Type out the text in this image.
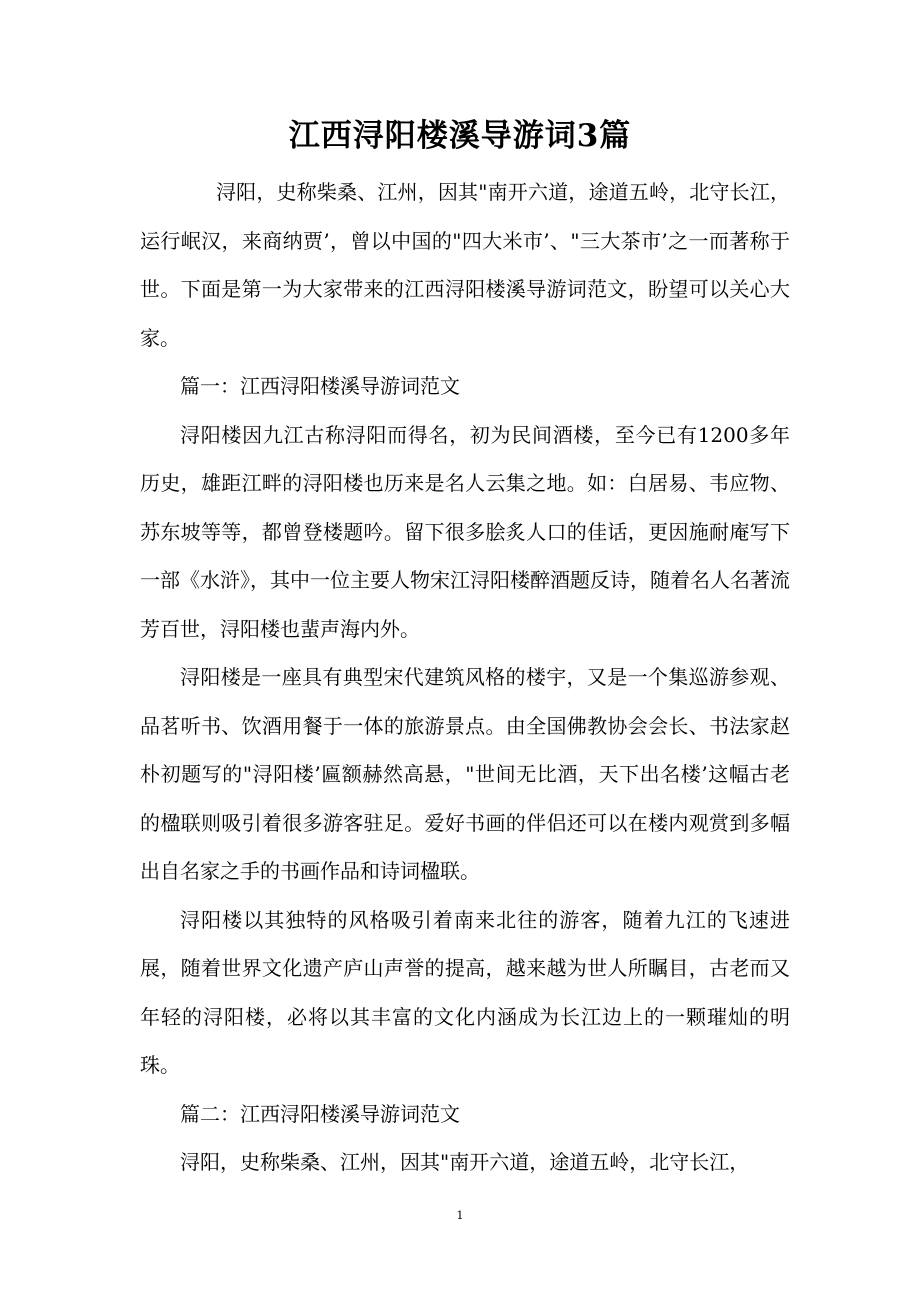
江西浔阳楼溪导游词3篇

浔阳，史称柴桑、江州，因其"南开六道，途道五岭，北守长江，运行岷汉，来商纳贾’，曾以中国的"四大米市’、"三大茶市’之一而著称于世。下面是第一为大家带来的江西浔阳楼溪导游词范文，盼望可以关心大家。

篇一：江西浔阳楼溪导游词范文

浔阳楼因九江古称浔阳而得名，初为民间酒楼，至今已有1200多年历史，雄距江畔的浔阳楼也历来是名人云集之地。如：白居易、韦应物、苏东坡等等，都曾登楼题吟。留下很多脍炙人口的佳话，更因施耐庵写下一部《水浒》，其中一位主要人物宋江浔阳楼醉酒题反诗，随着名人名著流芳百世，浔阳楼也蜚声海内外。

浔阳楼是一座具有典型宋代建筑风格的楼宇，又是一个集巡游参观、品茗听书、饮酒用餐于一体的旅游景点。由全国佛教协会会长、书法家赵朴初题写的"浔阳楼’匾额赫然高悬，"世间无比酒，天下出名楼’这幅古老的楹联则吸引着很多游客驻足。爱好书画的伴侣还可以在楼内观赏到多幅出自名家之手的书画作品和诗词楹联。

浔阳楼以其独特的风格吸引着南来北往的游客，随着九江的飞速进展，随着世界文化遗产庐山声誉的提高，越来越为世人所瞩目，古老而又年轻的浔阳楼，必将以其丰富的文化内涵成为长江边上的一颗璀灿的明珠。

篇二：江西浔阳楼溪导游词范文

浔阳，史称柴桑、江州，因其"南开六道，途道五岭，北守长江，

1
